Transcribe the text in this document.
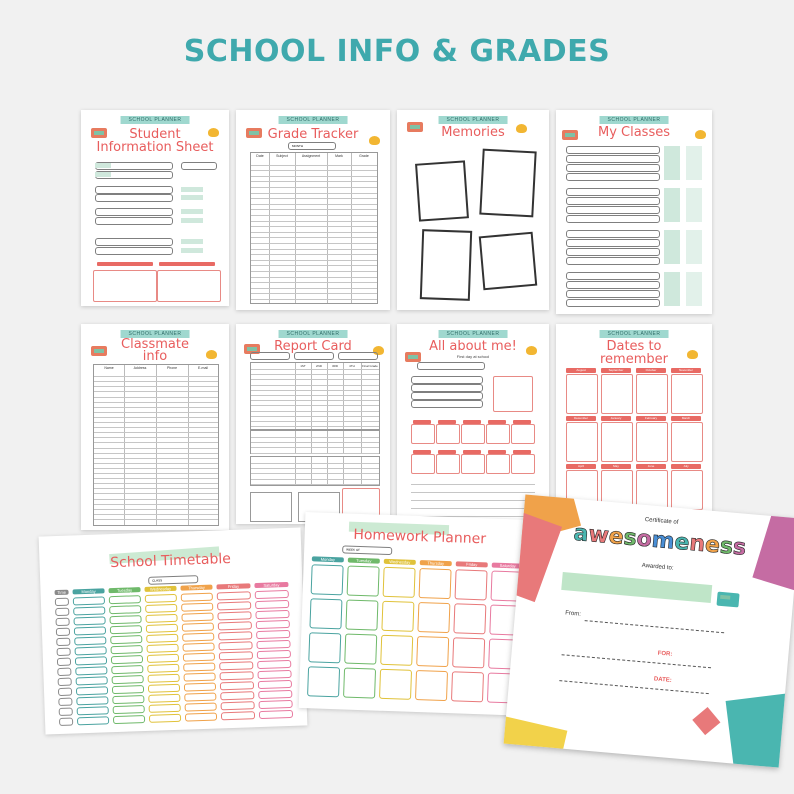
SCHOOL INFO & GRADES
SCHOOL PLANNER
Student
Information Sheet
SCHOOL PLANNER
Grade Tracker
MONTH
Date	Subject	Assignment	Mark	Grade
SCHOOL PLANNER
Memories
SCHOOL PLANNER
My Classes
SCHOOL PLANNER
Classmate
info
Name	Address	Phone	E-mail
SCHOOL PLANNER
Report Card
1ST	2ND	3RD	4TH	Final Grade
SCHOOL PLANNER
All about me!
First day at school
SCHOOL PLANNER
Dates to
remember
August	September	October	November
December	January	February	March
April	May	June	July
School Timetable
CLASS
Time	Monday	Tuesday	Wednesday	Thursday	Friday	Saturday
Homework Planner
WEEK OF
Monday	Tuesday	Wednesday	Thursday	Friday	Saturday
Certificate of
awesomeness
Awarded to:
From:
FOR:
DATE:
